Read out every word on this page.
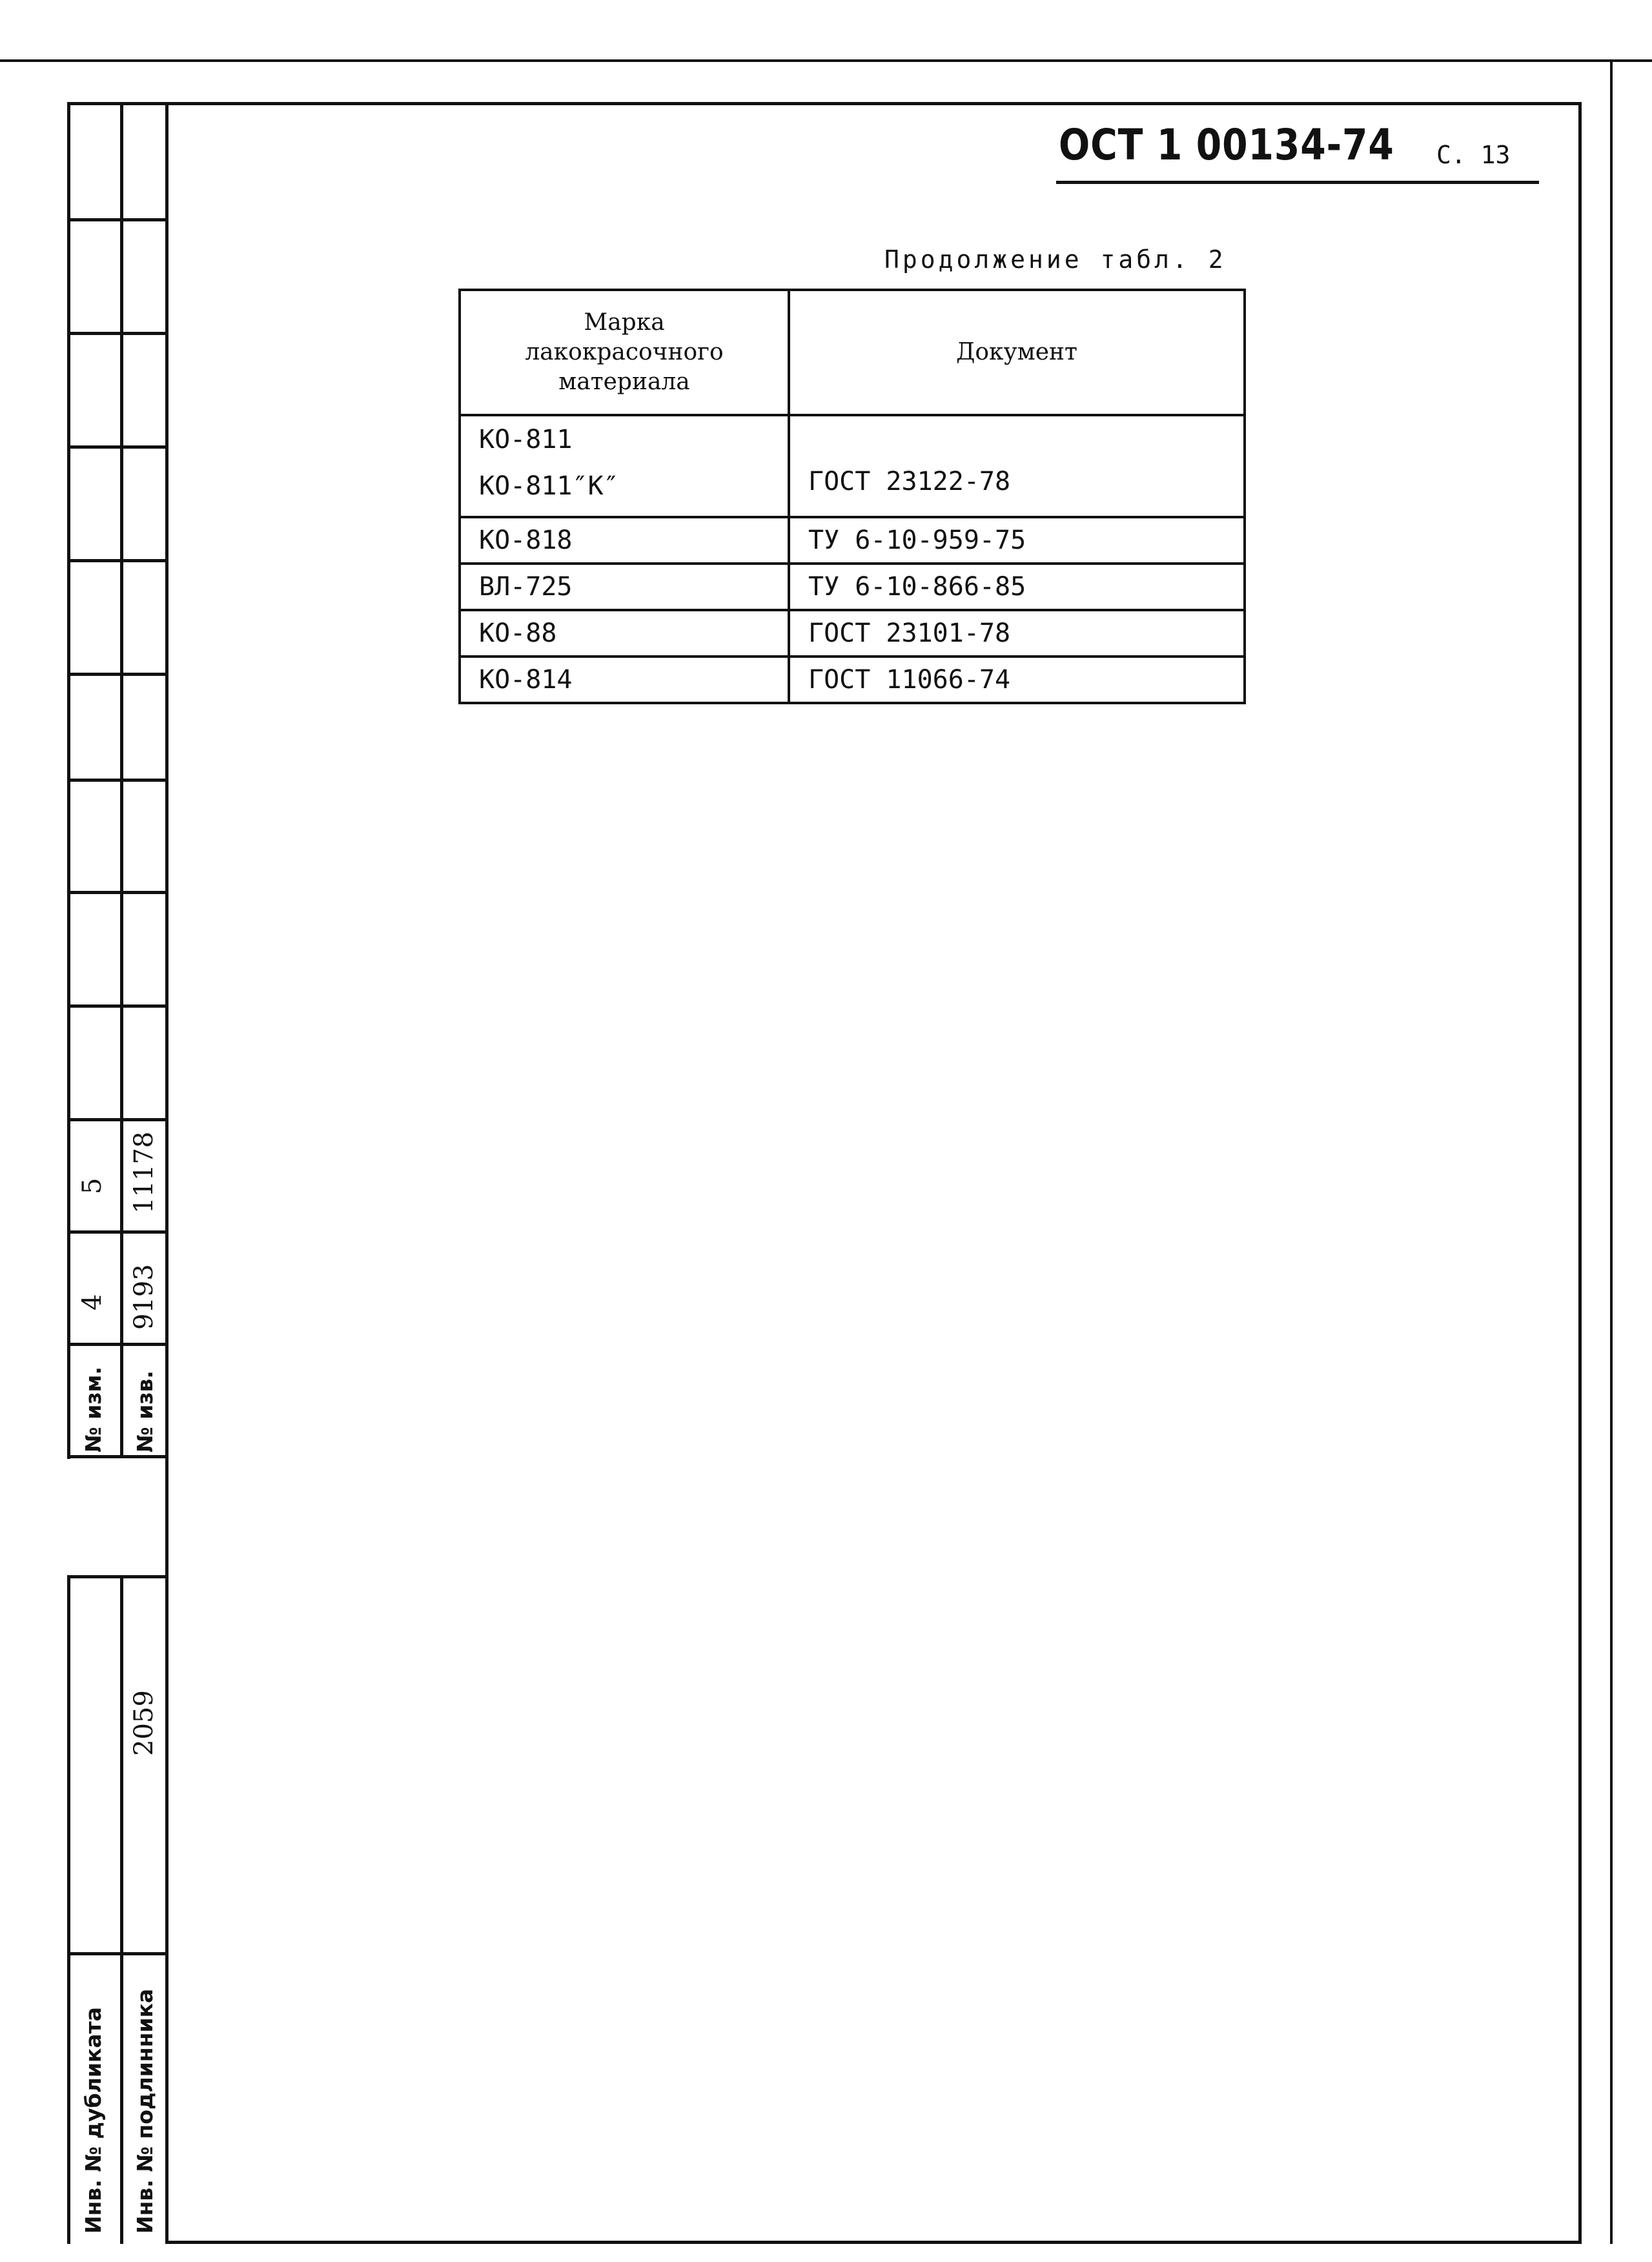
№ изм. № изв.
4
5
9193
11178
Инв. № дубликата Инв. № подлинника
2059
ОСТ 1 00134-74 С. 13
Продолжение табл. 2
Марка
лакокрасочного
материала	Документ

КО-811
КО-811″К″	ГОСТ 23122-78
КО-818	ТУ 6-10-959-75
ВЛ-725	ТУ 6-10-866-85
КО-88	ГОСТ 23101-78
КО-814	ГОСТ 11066-74
